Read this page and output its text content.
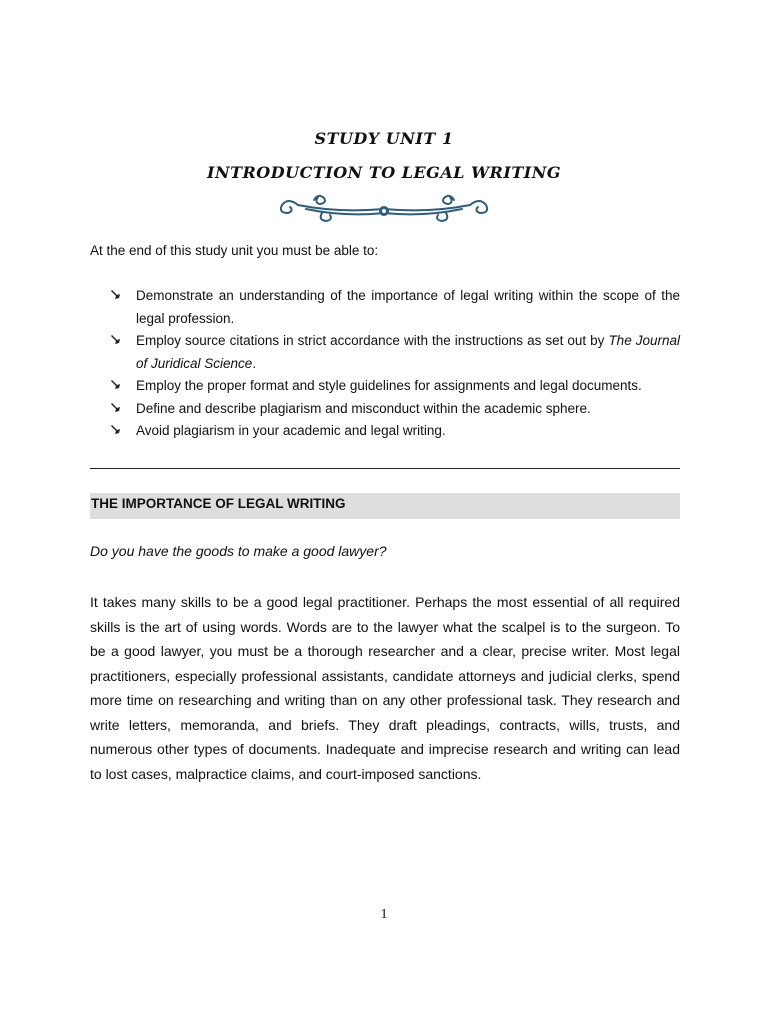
STUDY UNIT 1
INTRODUCTION TO LEGAL WRITING
At the end of this study unit you must be able to:
Demonstrate an understanding of the importance of legal writing within the scope of the legal profession.
Employ source citations in strict accordance with the instructions as set out by The Journal of Juridical Science.
Employ the proper format and style guidelines for assignments and legal documents.
Define and describe plagiarism and misconduct within the academic sphere.
Avoid plagiarism in your academic and legal writing.
THE IMPORTANCE OF LEGAL WRITING
Do you have the goods to make a good lawyer?

It takes many skills to be a good legal practitioner. Perhaps the most essential of all required skills is the art of using words. Words are to the lawyer what the scalpel is to the surgeon. To be a good lawyer, you must be a thorough researcher and a clear, precise writer. Most legal practitioners, especially professional assistants, candidate attorneys and judicial clerks, spend more time on researching and writing than on any other professional task. They research and write letters, memoranda, and briefs. They draft pleadings, contracts, wills, trusts, and numerous other types of documents. Inadequate and imprecise research and writing can lead to lost cases, malpractice claims, and court-imposed sanctions.

1
